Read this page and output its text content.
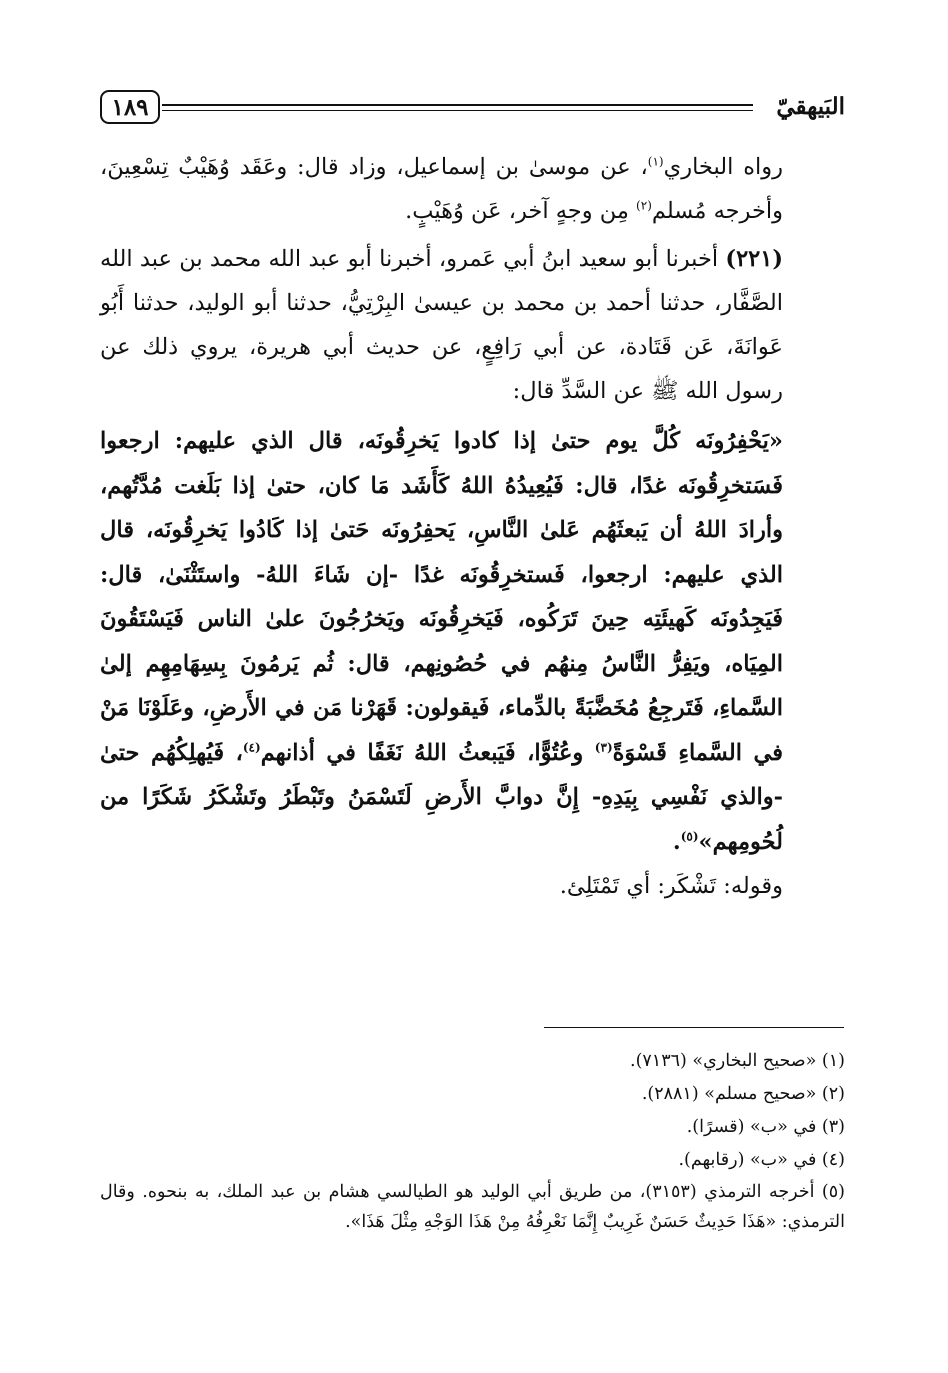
البَيهقيّ
١٨٩

رواه البخاري$^{(١)}$، عن موسىٰ بن إسماعيل، وزاد قال: وعَقَد وُهَيْبٌ تِسْعِينَ، وأخرجه مُسلم$^{(٢)}$ مِن وجهٍ آخر، عَن وُهَيْبٍ.

(٢٢١) أخبرنا أبو سعيد ابنُ أبي عَمرو، أخبرنا أبو عبد الله محمد بن عبد الله الصَّفَّار، حدثنا أحمد بن محمد بن عيسىٰ البِرْتِيُّ، حدثنا أبو الوليد، حدثنا أَبُو عَوانَةَ، عَن قَتَادة، عن أبي رَافِعٍ، عن حديث أبي هريرة، يروي ذلك عن رسول الله ﷺ عن السَّدِّ قال:

«يَحْفِرُونَه كُلَّ يوم حتىٰ إذا كادوا يَخرِقُونَه، قال الذي عليهم: ارجعوا فَسَتخرِقُونَه غدًا، قال: فَيُعِيدُهُ اللهُ كَأَشَد مَا كان، حتىٰ إذا بَلَغت مُدَّتُهم، وأرادَ اللهُ أن يَبعثَهُم عَلىٰ النَّاسِ، يَحفِرُونَه حَتىٰ إذا كَادُوا يَخرِقُونَه، قال الذي عليهم: ارجعوا، فَستخرِقُونَه غدًا -إن شَاءَ اللهُ- واستَثْنَىٰ، قال: فَيَجِدُونَه كَهيئَتِه حِينَ تَرَكُوه، فَيَخرِقُونَه ويَخرُجُونَ علىٰ الناس فَيَسْتَقُونَ المِيَاه، ويَفِرُّ النَّاسُ مِنهُم في حُصُونِهم، قال: ثُم يَرمُونَ بِسِهَامِهِم إلىٰ السَّماءِ، فَتَرجِعُ مُخَضَّبَةً بالدِّماء، فَيقولون: قَهَرْنا مَن في الأَرضِ، وعَلَوْنَا مَنْ في السَّماءِ قَسْوَةً$^{(٣)}$ وعُتُوًّا، فَيَبعثُ اللهُ نَغَفًا في أذانهم$^{(٤)}$، فَيُهلِكُهُم حتىٰ -والذي نَفْسِي بِيَدِهِ- إِنَّ دوابَّ الأَرضِ لَتَسْمَنُ وتَبْطَرُ وتَشْكَرُ شَكَرًا من لُحُومِهم»$^{(٥)}$.

وقوله: تَشْكَر: أي تَمْتَلِئ.

(١) «صحيح البخاري» (٧١٣٦).

(٢) «صحيح مسلم» (٢٨٨١).

(٣) في «ب» (قسرًا).

(٤) في «ب» (رقابهم).

(٥) أخرجه الترمذي (٣١٥٣)، من طريق أبي الوليد هو الطيالسي هشام بن عبد الملك، به بنحوه. وقال الترمذي: «هَذَا حَدِيثٌ حَسَنٌ غَرِيبٌ إِنَّمَا نَعْرِفُهُ مِنْ هَذَا الوَجْهِ مِثْلَ هَذَا».
